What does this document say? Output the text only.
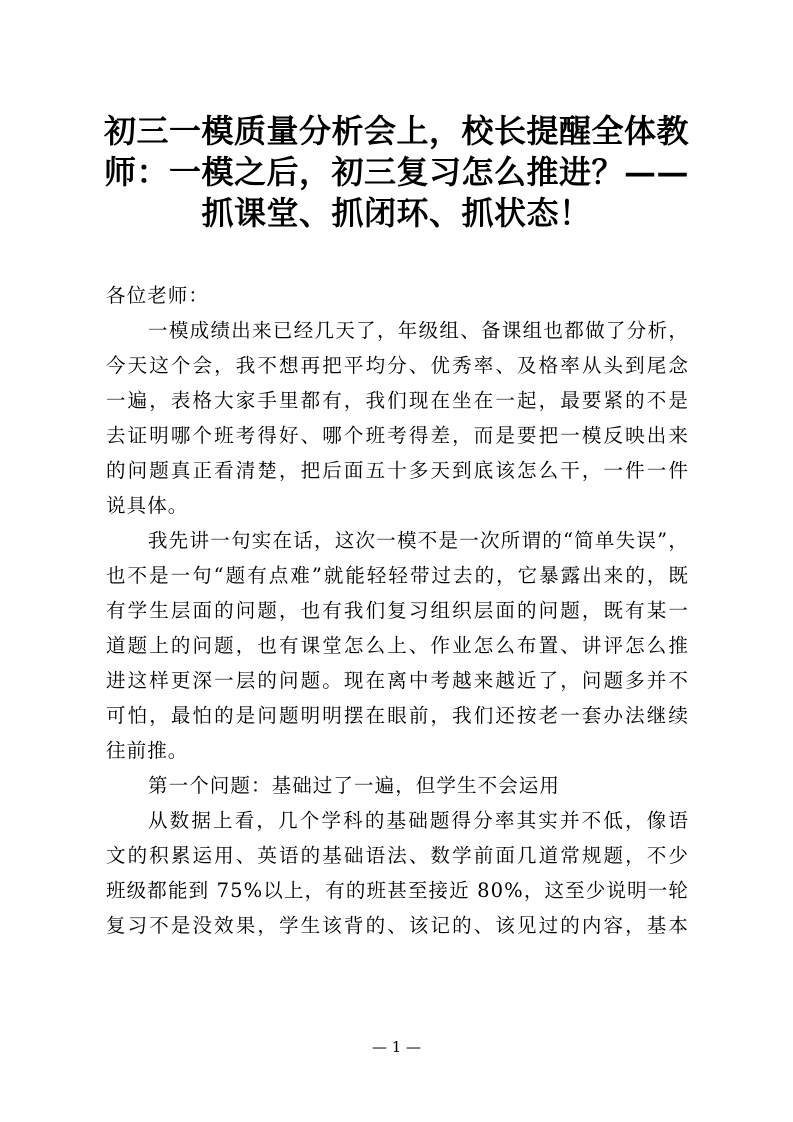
初三一模质量分析会上，校长提醒全体教
师：一模之后，初三复习怎么推进？——
抓课堂、抓闭环、抓状态！
各位老师：
一模成绩出来已经几天了，年级组、备课组也都做了分析，
今天这个会，我不想再把平均分、优秀率、及格率从头到尾念
一遍，表格大家手里都有，我们现在坐在一起，最要紧的不是
去证明哪个班考得好、哪个班考得差，而是要把一模反映出来
的问题真正看清楚，把后面五十多天到底该怎么干，一件一件
说具体。
我先讲一句实在话，这次一模不是一次所谓的“简单失误”，
也不是一句“题有点难”就能轻轻带过去的，它暴露出来的，既
有学生层面的问题，也有我们复习组织层面的问题，既有某一
道题上的问题，也有课堂怎么上、作业怎么布置、讲评怎么推
进这样更深一层的问题。现在离中考越来越近了，问题多并不
可怕，最怕的是问题明明摆在眼前，我们还按老一套办法继续
往前推。
第一个问题：基础过了一遍，但学生不会运用
从数据上看，几个学科的基础题得分率其实并不低，像语
文的积累运用、英语的基础语法、数学前面几道常规题，不少
班级都能到 75%以上，有的班甚至接近 80%，这至少说明一轮
复习不是没效果，学生该背的、该记的、该见过的内容，基本
— 1 —
